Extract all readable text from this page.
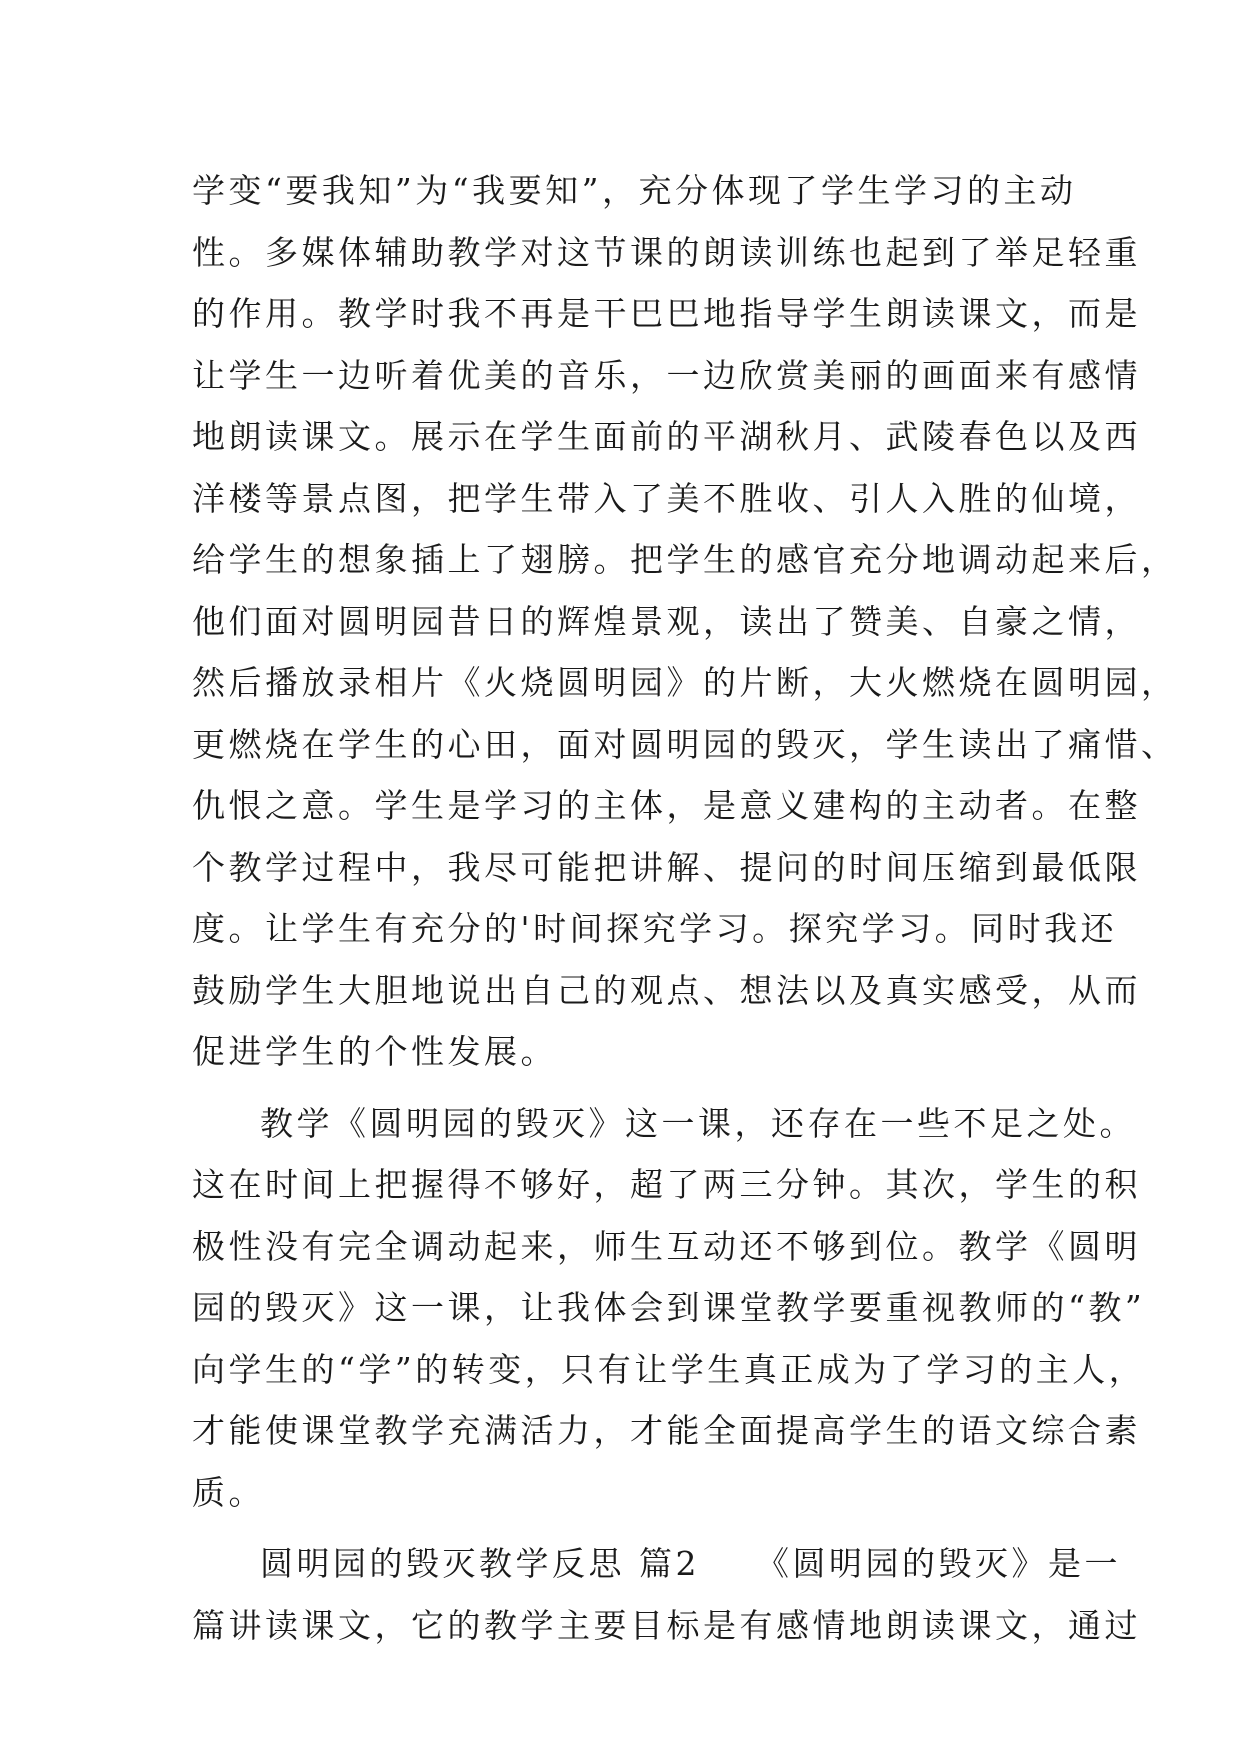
学变“要我知”为“我要知”，充分体现了学生学习的主动
性。多媒体辅助教学对这节课的朗读训练也起到了举足轻重
的作用。教学时我不再是干巴巴地指导学生朗读课文，而是
让学生一边听着优美的音乐，一边欣赏美丽的画面来有感情
地朗读课文。展示在学生面前的平湖秋月、武陵春色以及西
洋楼等景点图，把学生带入了美不胜收、引人入胜的仙境，
给学生的想象插上了翅膀。把学生的感官充分地调动起来后，
他们面对圆明园昔日的辉煌景观，读出了赞美、自豪之情，
然后播放录相片《火烧圆明园》的片断，大火燃烧在圆明园，
更燃烧在学生的心田，面对圆明园的毁灭，学生读出了痛惜、
仇恨之意。学生是学习的主体，是意义建构的主动者。在整
个教学过程中，我尽可能把讲解、提问的时间压缩到最低限
度。让学生有充分的'时间探究学习。探究学习。同时我还
鼓励学生大胆地说出自己的观点、想法以及真实感受，从而
促进学生的个性发展。
教学《圆明园的毁灭》这一课，还存在一些不足之处。
这在时间上把握得不够好，超了两三分钟。其次，学生的积
极性没有完全调动起来，师生互动还不够到位。教学《圆明
园的毁灭》这一课，让我体会到课堂教学要重视教师的“教”
向学生的“学”的转变，只有让学生真正成为了学习的主人，
才能使课堂教学充满活力，才能全面提高学生的语文综合素
质。
圆明园的毁灭教学反思 篇2 《圆明园的毁灭》是一
篇讲读课文，它的教学主要目标是有感情地朗读课文，通过
